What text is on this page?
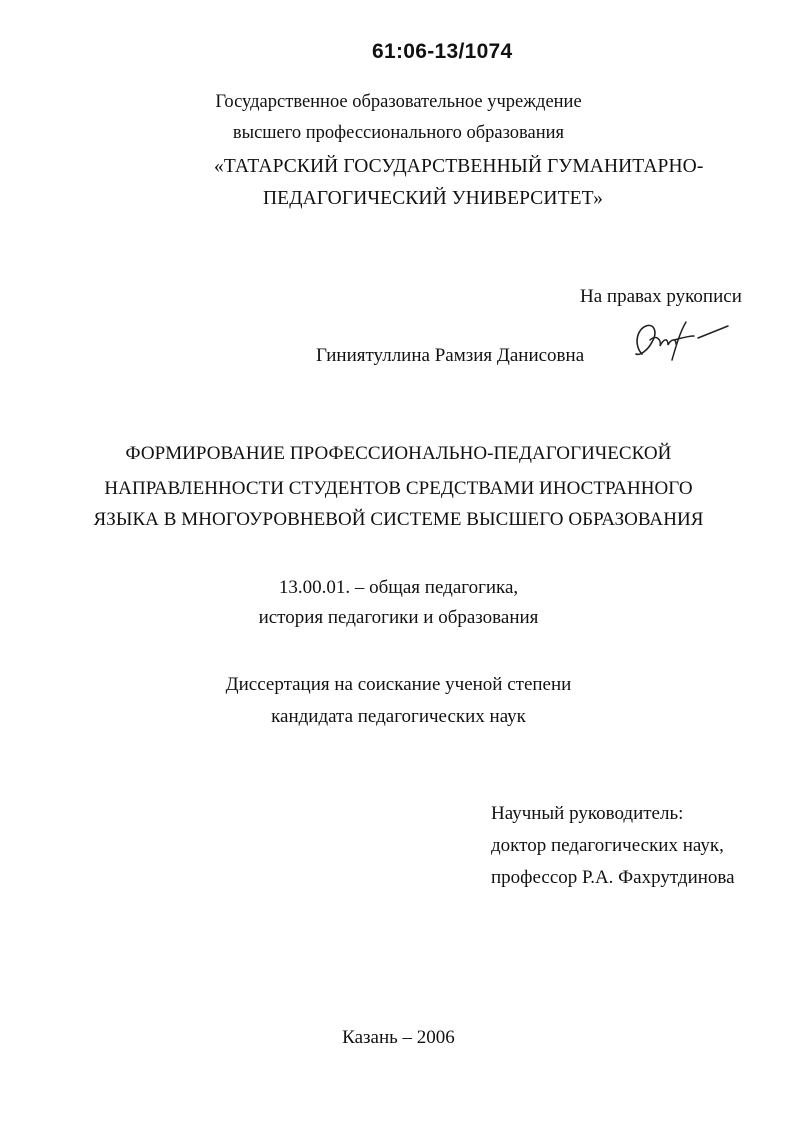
61:06-13/1074
Государственное образовательное учреждение
высшего профессионального образования
«ТАТАРСКИЙ ГОСУДАРСТВЕННЫЙ ГУМАНИТАРНО-
ПЕДАГОГИЧЕСКИЙ УНИВЕРСИТЕТ»
На правах рукописи
Гиниятуллина Рамзия Данисовна
ФОРМИРОВАНИЕ ПРОФЕССИОНАЛЬНО-ПЕДАГОГИЧЕСКОЙ
НАПРАВЛЕННОСТИ СТУДЕНТОВ СРЕДСТВАМИ ИНОСТРАННОГО
ЯЗЫКА В МНОГОУРОВНЕВОЙ СИСТЕМЕ ВЫСШЕГО ОБРАЗОВАНИЯ
13.00.01. – общая педагогика,
история педагогики и образования
Диссертация на соискание ученой степени
кандидата педагогических наук
Научный руководитель:
доктор педагогических наук,
профессор Р.А. Фахрутдинова
Казань – 2006
